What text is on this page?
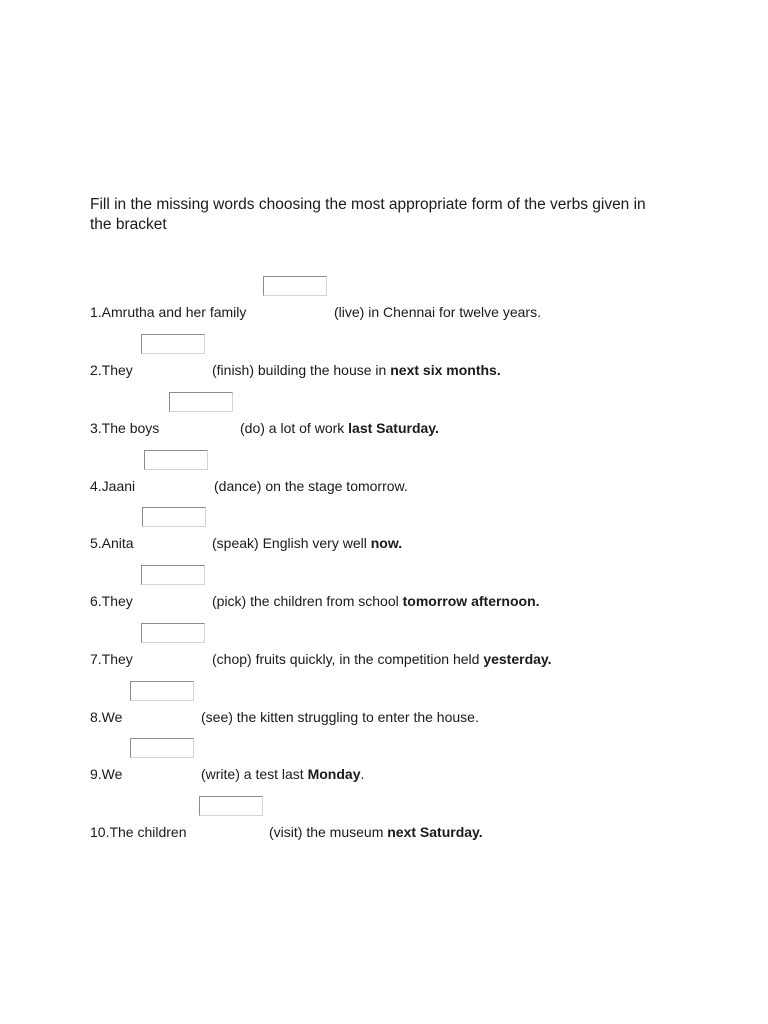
Fill in the missing words choosing the most appropriate form of the verbs given in the bracket
1.Amrutha and her family	(live) in Chennai for twelve years.
2.They	(finish) building the house in next six months.
3.The boys	(do) a lot of work last Saturday.
4.Jaani	(dance) on the stage tomorrow.
5.Anita	(speak) English very well now.
6.They	(pick) the children from school tomorrow afternoon.
7.They	(chop) fruits quickly, in the competition held yesterday.
8.We	(see) the kitten struggling to enter the house.
9.We	(write) a test last Monday.
10.The children	(visit) the museum next Saturday.
